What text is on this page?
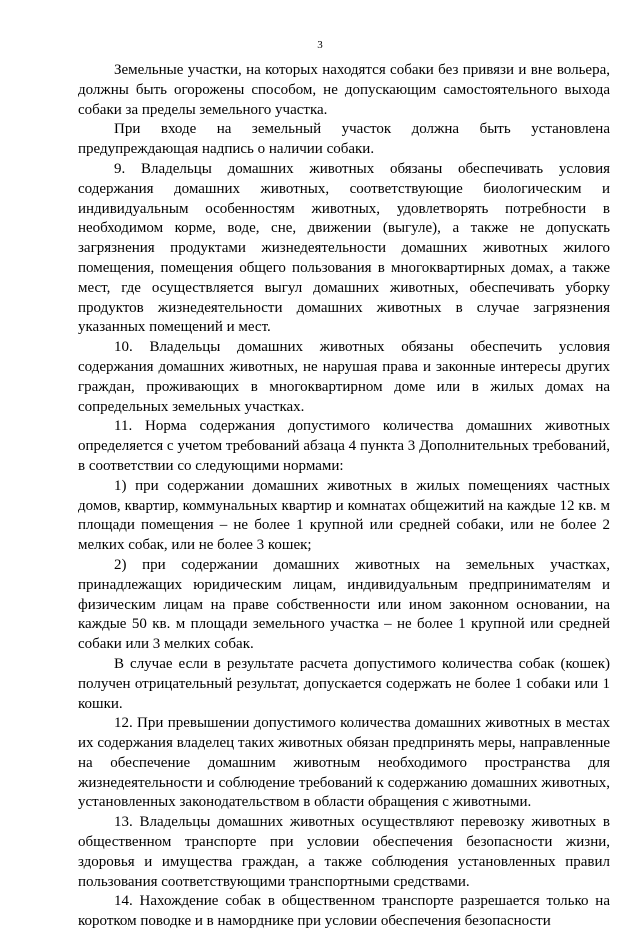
3

Земельные участки, на которых находятся собаки без привязи и вне вольера, должны быть огорожены способом, не допускающим самостоятельного выхода собаки за пределы земельного участка.

При входе на земельный участок должна быть установлена предупреждающая надпись о наличии собаки.

9. Владельцы домашних животных обязаны обеспечивать условия содержания домашних животных, соответствующие биологическим и индивидуальным особенностям животных, удовлетворять потребности в необходимом корме, воде, сне, движении (выгуле), а также не допускать загрязнения продуктами жизнедеятельности домашних животных жилого помещения, помещения общего пользования в многоквартирных домах, а также мест, где осуществляется выгул домашних животных, обеспечивать уборку продуктов жизнедеятельности домашних животных в случае загрязнения указанных помещений и мест.

10. Владельцы домашних животных обязаны обеспечить условия содержания домашних животных, не нарушая права и законные интересы других граждан, проживающих в многоквартирном доме или в жилых домах на сопредельных земельных участках.

11. Норма содержания допустимого количества домашних животных определяется с учетом требований абзаца 4 пункта 3 Дополнительных требований, в соответствии со следующими нормами:

1) при содержании домашних животных в жилых помещениях частных домов, квартир, коммунальных квартир и комнатах общежитий на каждые 12 кв. м площади помещения – не более 1 крупной или средней собаки, или не более 2 мелких собак, или не более 3 кошек;

2) при содержании домашних животных на земельных участках, принадлежащих юридическим лицам, индивидуальным предпринимателям и физическим лицам на праве собственности или ином законном основании, на каждые 50 кв. м площади земельного участка – не более 1 крупной или средней собаки или 3 мелких собак.

В случае если в результате расчета допустимого количества собак (кошек) получен отрицательный результат, допускается содержать не более 1 собаки или 1 кошки.

12. При превышении допустимого количества домашних животных в местах их содержания владелец таких животных обязан предпринять меры, направленные на обеспечение домашним животным необходимого пространства для жизнедеятельности и соблюдение требований к содержанию домашних животных, установленных законодательством в области обращения с животными.

13. Владельцы домашних животных осуществляют перевозку животных в общественном транспорте при условии обеспечения безопасности жизни, здоровья и имущества граждан, а также соблюдения установленных правил пользования соответствующими транспортными средствами.

14. Нахождение собак в общественном транспорте разрешается только на коротком поводке и в наморднике при условии обеспечения безопасности
